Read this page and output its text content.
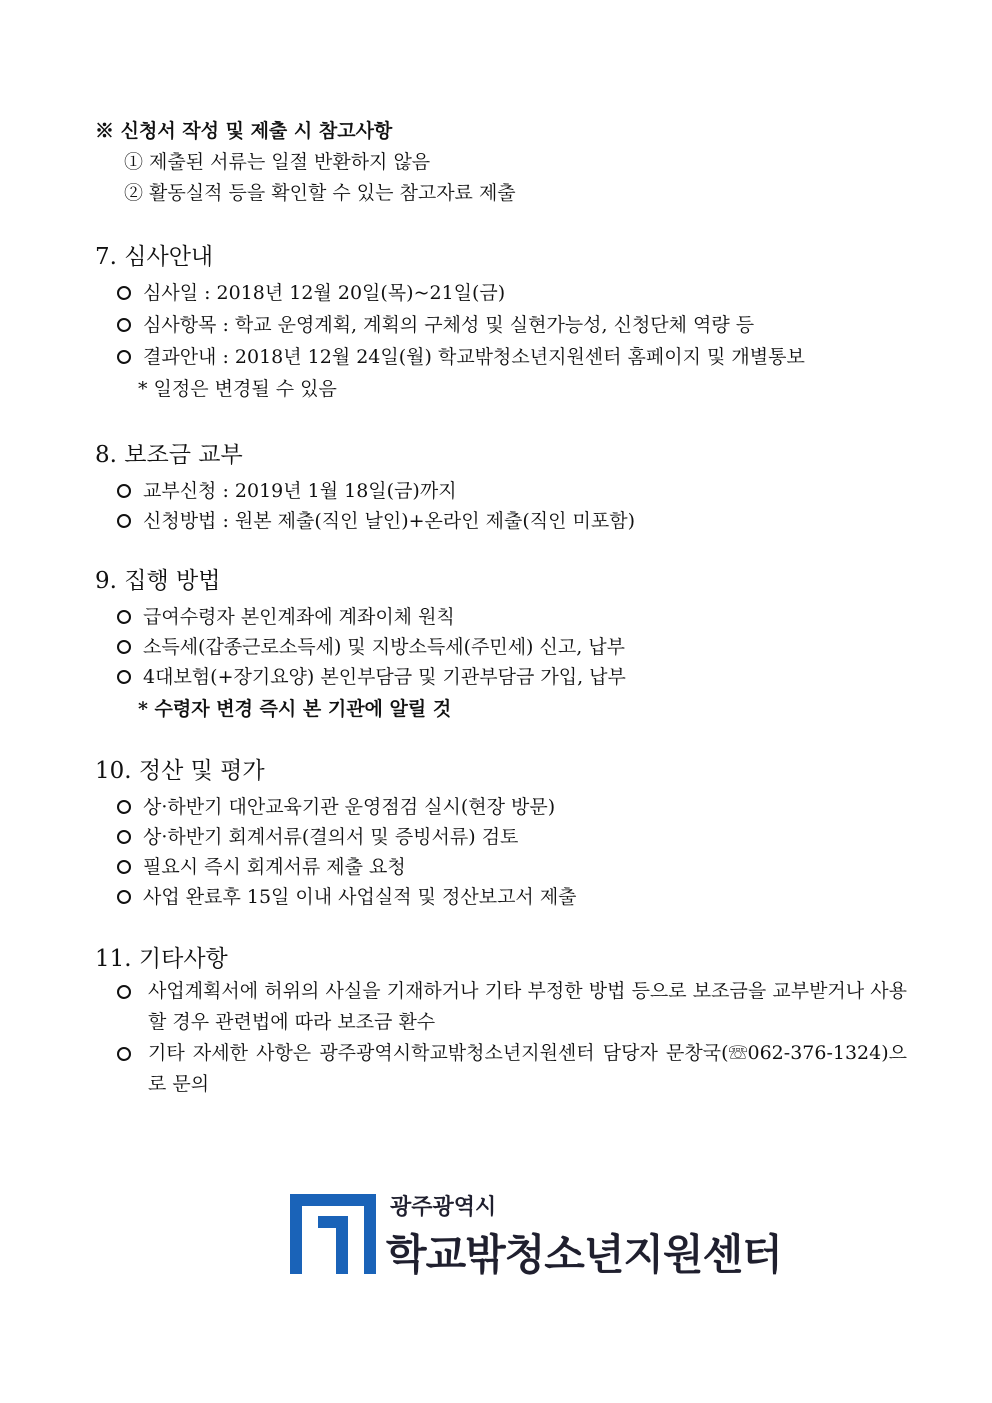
※ 신청서 작성 및 제출 시 참고사항
① 제출된 서류는 일절 반환하지 않음
② 활동실적 등을 확인할 수 있는 참고자료 제출
7. 심사안내
심사일 : 2018년 12월 20일(목)~21일(금)
심사항목 : 학교 운영계획, 계획의 구체성 및 실현가능성, 신청단체 역량 등
결과안내 : 2018년 12월 24일(월) 학교밖청소년지원센터 홈페이지 및 개별통보
* 일정은 변경될 수 있음
8. 보조금 교부
교부신청 : 2019년 1월 18일(금)까지
신청방법 : 원본 제출(직인 날인)+온라인 제출(직인 미포함)
9. 집행 방법
급여수령자 본인계좌에 계좌이체 원칙
소득세(갑종근로소득세) 및 지방소득세(주민세) 신고, 납부
4대보험(+장기요양) 본인부담금 및 기관부담금 가입, 납부
* 수령자 변경 즉시 본 기관에 알릴 것
10. 정산 및 평가
상·하반기 대안교육기관 운영점검 실시(현장 방문)
상·하반기 회계서류(결의서 및 증빙서류) 검토
필요시 즉시 회계서류 제출 요청
사업 완료후 15일 이내 사업실적 및 정산보고서 제출
11. 기타사항
사업계획서에 허위의 사실을 기재하거나 기타 부정한 방법 등으로 보조금을 교부받거나 사용할 경우 관련법에 따라 보조금 환수
기타 자세한 사항은 광주광역시학교밖청소년지원센터 담당자 문창국(☏062-376-1324)으로 문의
광주광역시
학교밖청소년지원센터
